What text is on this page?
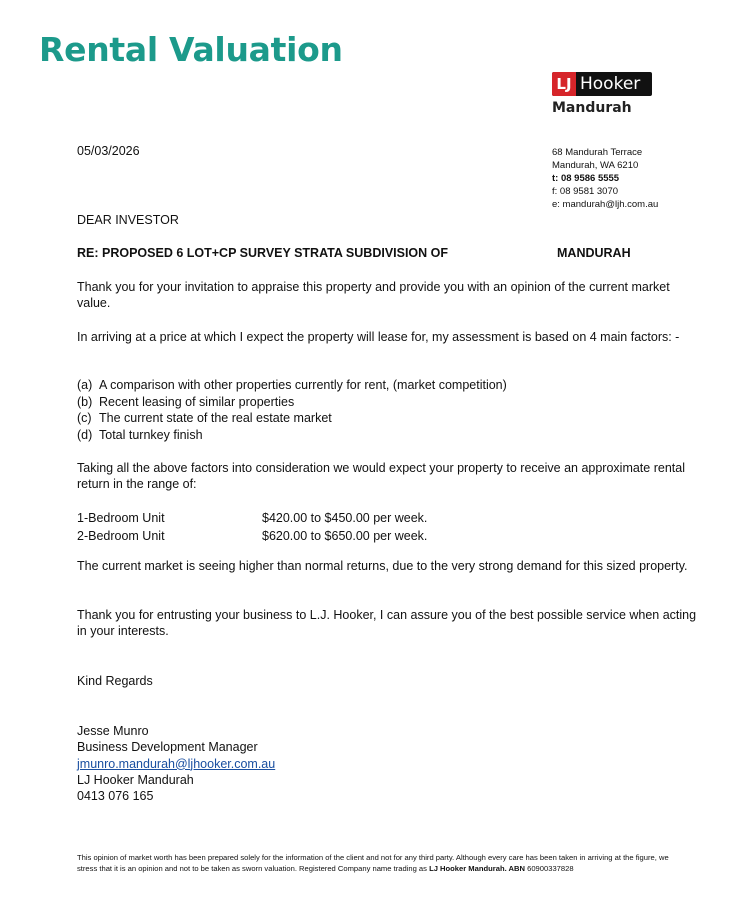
Rental Valuation
LJ Hooker
Mandurah
05/03/2026	68 Mandurah Terrace
Mandurah, WA 6210
t: 08 9586 5555
f: 08 9581 3070
e: mandurah@ljh.com.au
DEAR INVESTOR
RE: PROPOSED 6 LOT+CP SURVEY STRATA SUBDIVISION OF	MANDURAH
Thank you for your invitation to appraise this property and provide you with an opinion of the current market value.
In arriving at a price at which I expect the property will lease for, my assessment is based on 4 main factors: -
(a) A comparison with other properties currently for rent, (market competition)
(b) Recent leasing of similar properties
(c) The current state of the real estate market
(d) Total turnkey finish
Taking all the above factors into consideration we would expect your property to receive an approximate rental return in the range of:
1-Bedroom Unit	$420.00 to $450.00 per week.
2-Bedroom Unit	$620.00 to $650.00 per week.
The current market is seeing higher than normal returns, due to the very strong demand for this sized property.
Thank you for entrusting your business to L.J. Hooker, I can assure you of the best possible service when acting in your interests.
Kind Regards
Jesse Munro
Business Development Manager
jmunro.mandurah@ljhooker.com.au
LJ Hooker Mandurah
0413 076 165
This opinion of market worth has been prepared solely for the information of the client and not for any third party. Although every care has been taken in arriving at the figure, we stress that it is an opinion and not to be taken as sworn valuation. Registered Company name trading as LJ Hooker Mandurah. ABN 60900337828
